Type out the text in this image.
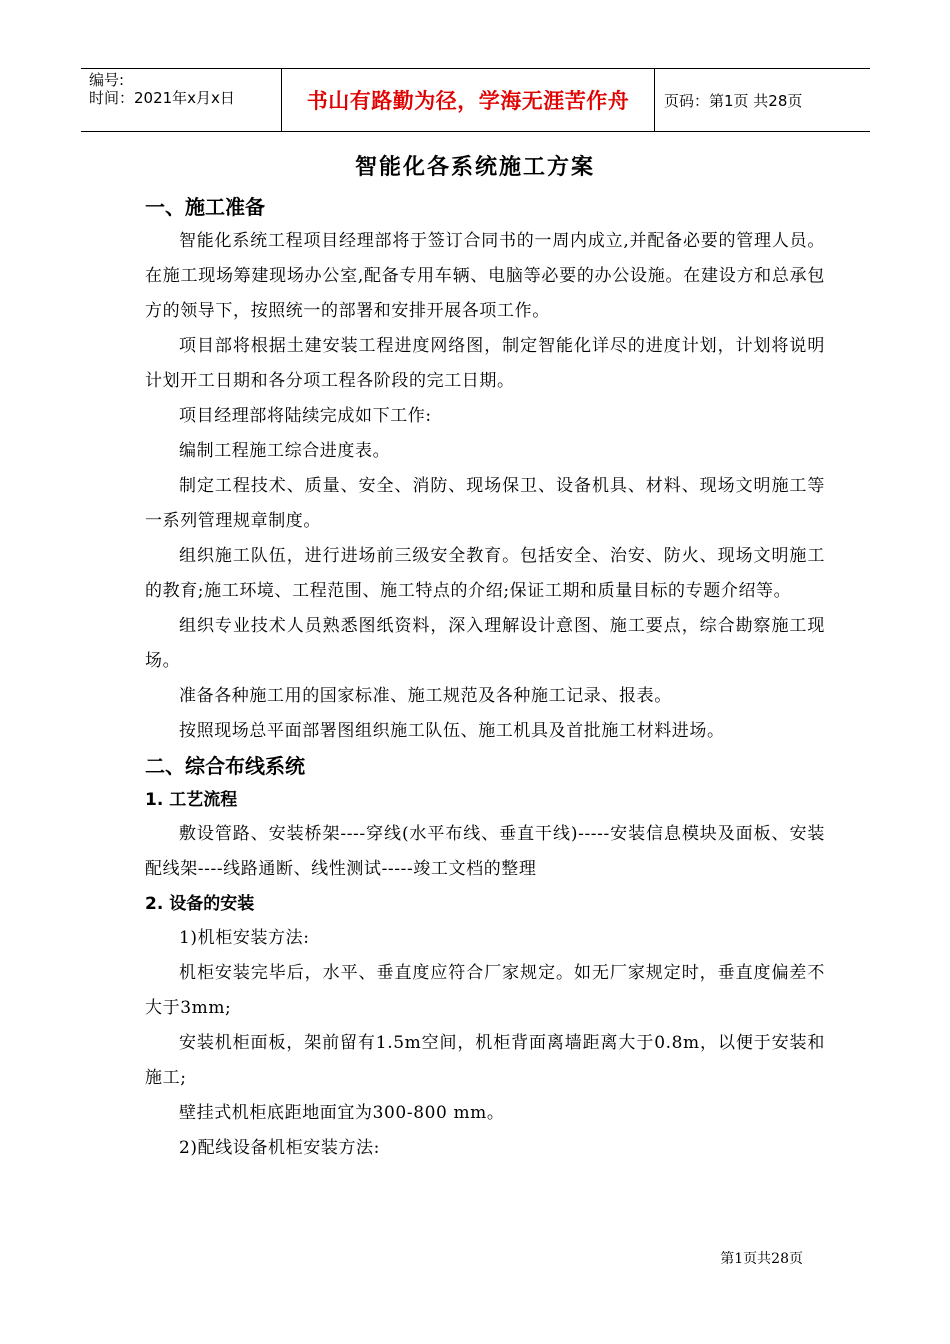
编号:
时间：2021年x月x日	书山有路勤为径，学海无涯苦作舟 页码：第1页 共28页
智能化各系统施工方案
一、施工准备

智能化系统工程项目经理部将于签订合同书的一周内成立,并配备必要的管理人员。在施工现场筹建现场办公室,配备专用车辆、电脑等必要的办公设施。在建设方和总承包方的领导下，按照统一的部署和安排开展各项工作。

项目部将根据土建安装工程进度网络图，制定智能化详尽的进度计划，计划将说明计划开工日期和各分项工程各阶段的完工日期。

项目经理部将陆续完成如下工作:

编制工程施工综合进度表。

制定工程技术、质量、安全、消防、现场保卫、设备机具、材料、现场文明施工等一系列管理规章制度。

组织施工队伍，进行进场前三级安全教育。包括安全、治安、防火、现场文明施工的教育;施工环境、工程范围、施工特点的介绍;保证工期和质量目标的专题介绍等。

组织专业技术人员熟悉图纸资料，深入理解设计意图、施工要点，综合勘察施工现场。

准备各种施工用的国家标准、施工规范及各种施工记录、报表。

按照现场总平面部署图组织施工队伍、施工机具及首批施工材料进场。

二、综合布线系统
1. 工艺流程

敷设管路、安装桥架----穿线(水平布线、垂直干线)-----安装信息模块及面板、安装配线架----线路通断、线性测试-----竣工文档的整理

2. 设备的安装

1)机柜安装方法:

机柜安装完毕后，水平、垂直度应符合厂家规定。如无厂家规定时，垂直度偏差不大于3mm;

安装机柜面板，架前留有1.5m空间，机柜背面离墙距离大于0.8m，以便于安装和施工;

壁挂式机柜底距地面宜为300-800 mm。

2)配线设备机柜安装方法:

第1页共28页
